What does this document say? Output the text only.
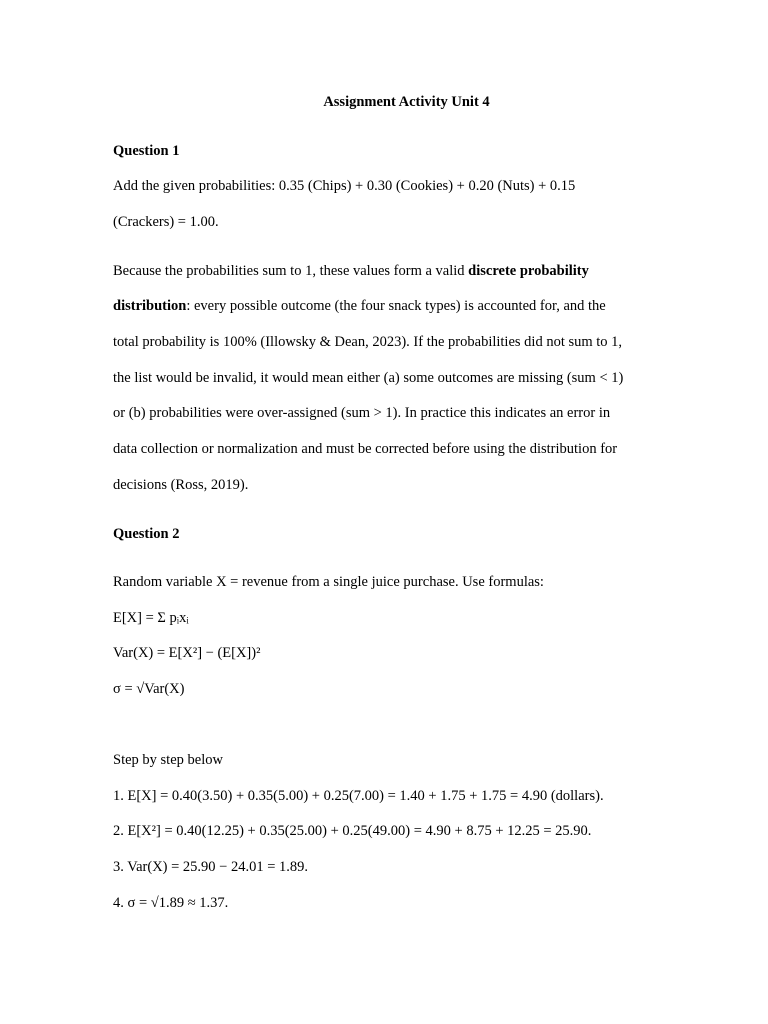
Assignment Activity Unit 4
Question 1
Add the given probabilities: 0.35 (Chips) + 0.30 (Cookies) + 0.20 (Nuts) + 0.15
(Crackers) = 1.00.
Because the probabilities sum to 1, these values form a valid discrete probability
distribution: every possible outcome (the four snack types) is accounted for, and the
total probability is 100% (Illowsky & Dean, 2023). If the probabilities did not sum to 1,
the list would be invalid, it would mean either (a) some outcomes are missing (sum < 1)
or (b) probabilities were over-assigned (sum > 1). In practice this indicates an error in
data collection or normalization and must be corrected before using the distribution for
decisions (Ross, 2019).
Question 2
Random variable X = revenue from a single juice purchase. Use formulas:
E[X] = Σ pᵢxᵢ
Var(X) = E[X²] − (E[X])²
σ = √Var(X)
Step by step below
1. E[X] = 0.40(3.50) + 0.35(5.00) + 0.25(7.00) = 1.40 + 1.75 + 1.75 = 4.90 (dollars).
2. E[X²] = 0.40(12.25) + 0.35(25.00) + 0.25(49.00) = 4.90 + 8.75 + 12.25 = 25.90.
3. Var(X) = 25.90 − 24.01 = 1.89.
4. σ = √1.89 ≈ 1.37.
